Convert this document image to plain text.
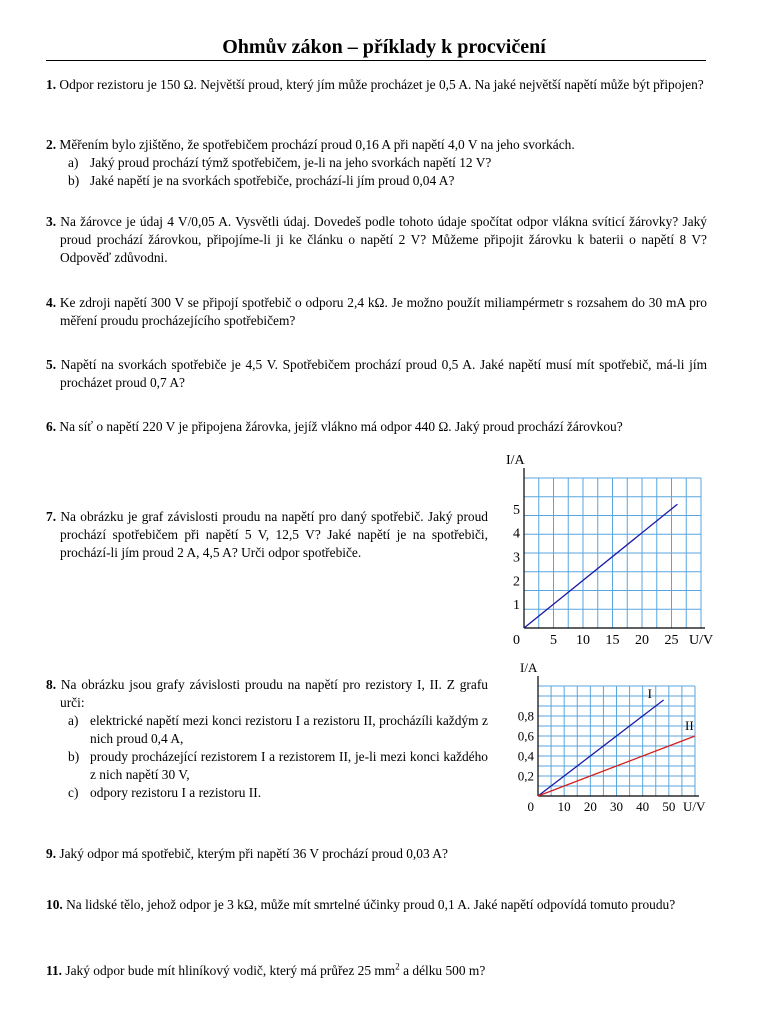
Ohmův zákon – příklady k procvičení

1. Odpor rezistoru je 150 Ω. Největší proud, který jím může procházet je 0,5 A. Na jaké největší napětí může být připojen?

2. Měřením bylo zjištěno, že spotřebičem prochází proud 0,16 A při napětí 4,0 V na jeho svorkách.

a) Jaký proud prochází týmž spotřebičem, je-li na jeho svorkách napětí 12 V?
b) Jaké napětí je na svorkách spotřebiče, prochází-li jím proud 0,04 A?

3. Na žárovce je údaj 4 V/0,05 A. Vysvětli údaj. Dovedeš podle tohoto údaje spočítat odpor vlákna svíticí žárovky? Jaký proud prochází žárovkou, připojíme-li ji ke článku o napětí 2 V? Můžeme připojit žárovku k baterii o napětí 8 V? Odpověď zdůvodni.

4. Ke zdroji napětí 300 V se připojí spotřebič o odporu 2,4 kΩ. Je možno použít miliampérmetr s rozsahem do 30 mA pro měření proudu procházejícího spotřebičem?

5. Napětí na svorkách spotřebiče je 4,5 V. Spotřebičem prochází proud 0,5 A. Jaké napětí musí mít spotřebič, má-li jím procházet proud 0,7 A?

6. Na síť o napětí 220 V je připojena žárovka, jejíž vlákno má odpor 440 Ω. Jaký proud prochází žárovkou?

7. Na obrázku je graf závislosti proudu na napětí pro daný spotřebič. Jaký proud prochází spotřebičem při napětí 5 V, 12,5 V? Jaké napětí je na spotřebiči, prochází-li jím proud 2 A, 4,5 A? Urči odpor spotřebiče.

8. Na obrázku jsou grafy závislosti proudu na napětí pro rezistory I, II. Z grafu urči:

a) elektrické napětí mezi konci rezistoru I a rezistoru II, procházíli každým z nich proud 0,4 A,
b) proudy procházející rezistorem I a rezistorem II, je-li mezi konci každého z nich napětí 30 V,
c) odpory rezistoru I a rezistoru II.

9. Jaký odpor má spotřebič, kterým při napětí 36 V prochází proud 0,03 A?

10. Na lidské tělo, jehož odpor je 3 kΩ, může mít smrtelné účinky proud 0,1 A. Jaké napětí odpovídá tomuto proudu?

11. Jaký odpor bude mít hliníkový vodič, který má průřez 25 $mm^2$ a délku 500 m?

5 10 15 20 25
1
2
3
4
5
0
I/A
U/V
I
II
10 20 30 40 50
0,2
0,4
0,6
0,8
0
I/A
U/V
